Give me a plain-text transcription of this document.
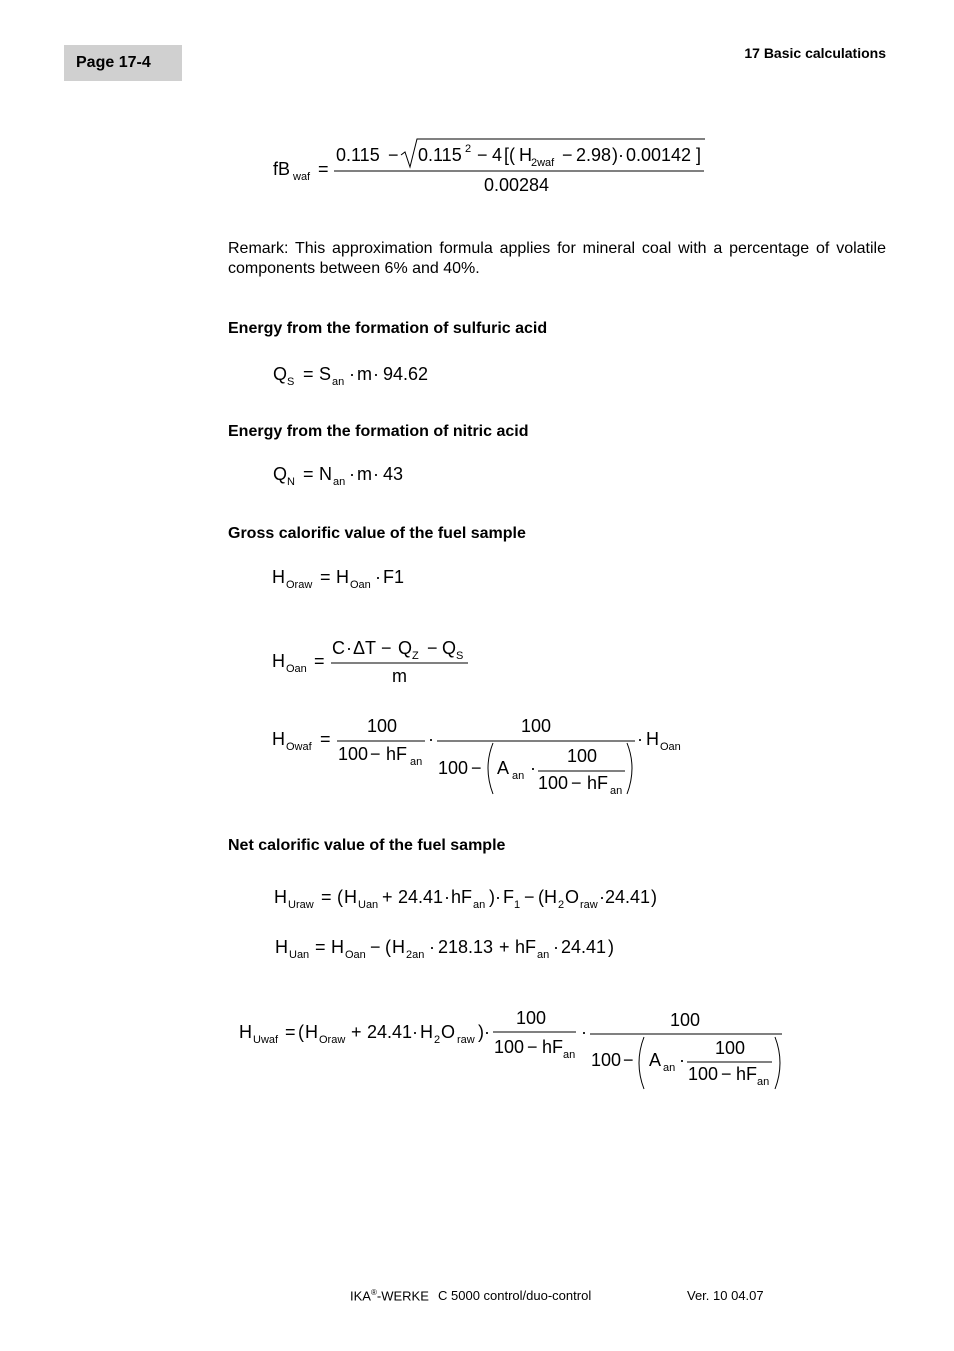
Page 17-4
17 Basic calculations
fB waf =
0.115 − 0.115 2 − 4 [( H 2waf − 2.98 )· 0.00142 ]
0.00284
Remark: This approximation formula applies for mineral coal with a percentage of volatile components between 6% and 40%.
Energy from the formation of sulfuric acid
Q S = S an · m · 94.62
Energy from the formation of nitric acid
Q N = N an · m · 43
Gross calorific value of the fuel sample
H Oraw = H Oan · F1
H Oan =
C · ΔT − Q Z − Q S
m
H Owaf =
100
100 − hF an
·
100
100 − A an ·
100
100 − hF an
· H Oan
Net calorific value of the fuel sample
H Uraw = ( H Uan + 24.41 · hF an )· F 1 − ( H 2 O raw · 24.41 )
H Uan = H Oan − ( H 2an · 218.13 + hF an · 24.41 )
H Uwaf = ( H Oraw + 24.41 · H 2 O raw )·
100
100 − hF an
·
100
100 − A an ·
100
100 − hF an
IKA®-WERKE C 5000 control/duo-control	Ver. 10 04.07
